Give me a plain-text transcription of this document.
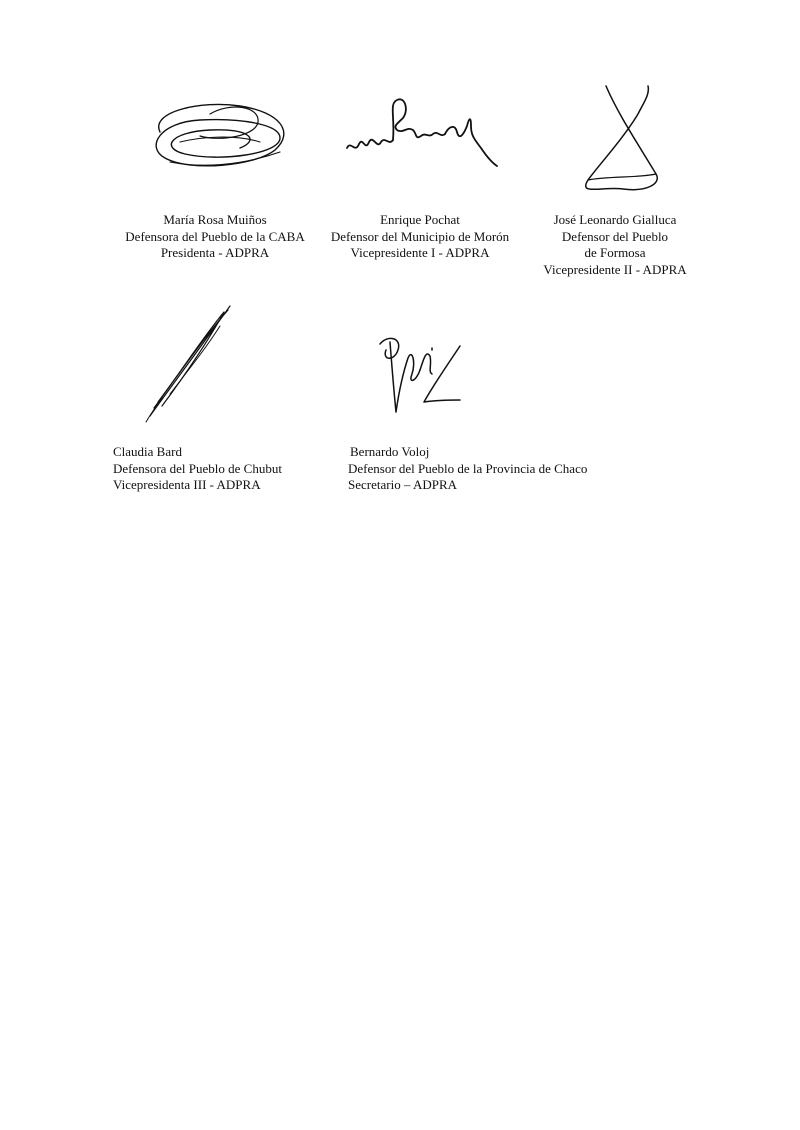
María Rosa Muiños
Defensora del Pueblo de la CABA
Presidenta - ADPRA
Enrique Pochat
Defensor del Municipio de Morón
Vicepresidente I - ADPRA
José Leonardo Gialluca
Defensor del Pueblo
de Formosa
Vicepresidente II - ADPRA
Claudia Bard
Defensora del Pueblo de Chubut
Vicepresidenta III - ADPRA
Bernardo Voloj
Defensor del Pueblo de la Provincia de Chaco
Secretario – ADPRA
